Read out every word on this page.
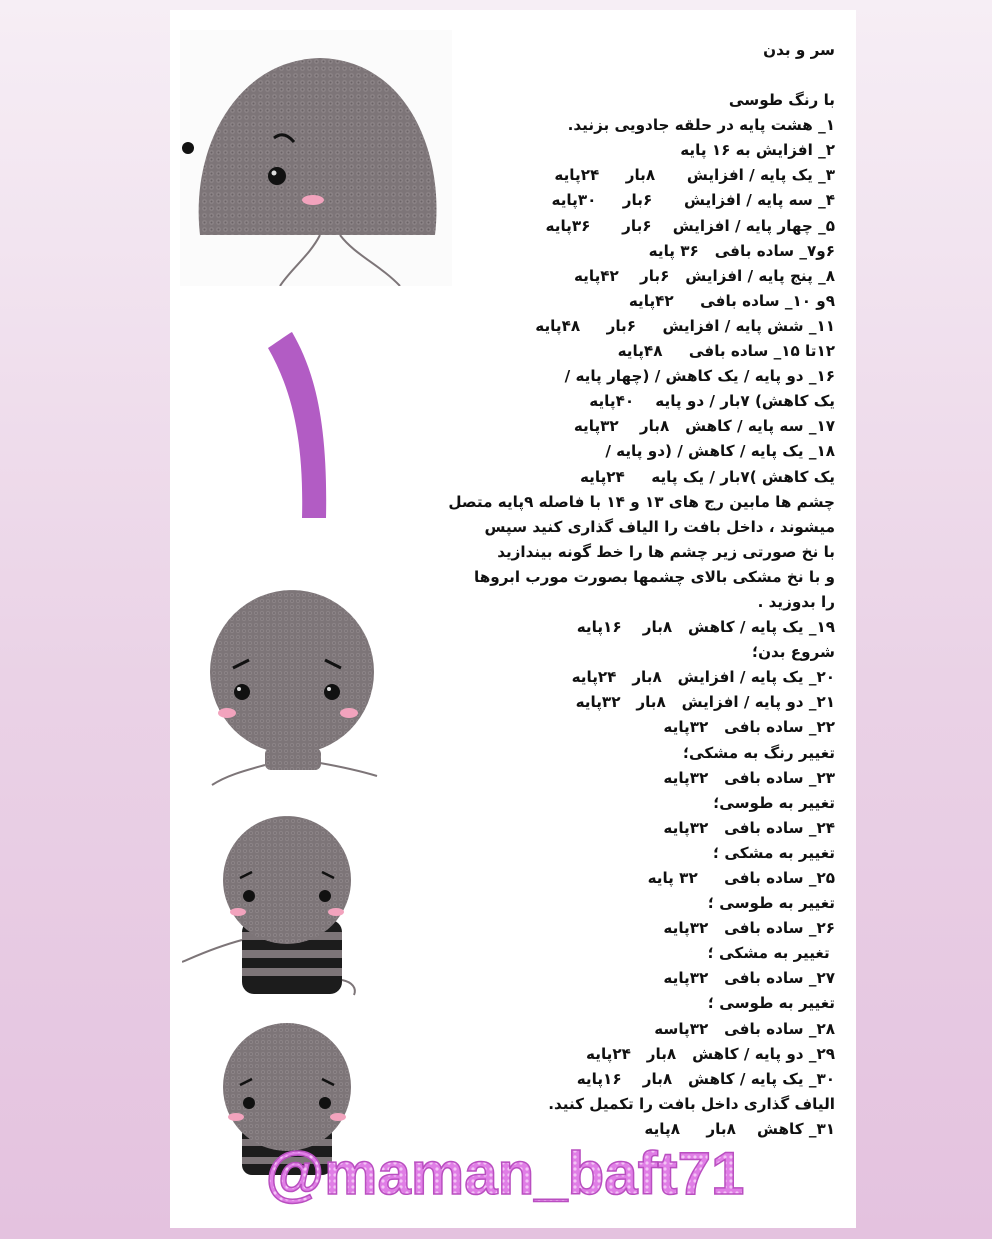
سر و بدن
با رنگ طوسی
۱_ هشت پایه در حلقه جادویی بزنید.
۲_ افزایش به ۱۶ پایه
۳_ یک پایه / افزایش      ۸بار     ۲۴پایه
۴_ سه پایه / افزایش      ۶بار     ۳۰پایه
۵_ چهار پایه / افزایش    ۶بار      ۳۶پایه
۶و۷_ ساده بافی   ۳۶ پایه
۸_ پنج پایه / افزایش   ۶بار    ۴۲پایه
۹و ۱۰_ ساده بافی     ۴۲پایه
۱۱_ شش پایه / افزایش     ۶بار     ۴۸پایه
۱۲تا ۱۵_ ساده بافی     ۴۸پایه
۱۶_ دو پایه / یک کاهش / (چهار پایه /
یک کاهش) ۷بار / دو پایه    ۴۰پایه
۱۷_ سه پایه / کاهش   ۸بار    ۳۲پایه
۱۸_ یک پایه / کاهش / (دو پایه /
یک کاهش )۷بار / یک پایه     ۲۴پایه
چشم ها مابین رج های ۱۳ و ۱۴ با فاصله ۹پایه متصل
میشوند ، داخل بافت را الیاف گذاری کنید سپس
با نخ صورتی زیر چشم ها را خط گونه بیندازید
و با نخ مشکی بالای چشمها بصورت مورب ابروها
را بدوزید .
۱۹_ یک پایه / کاهش   ۸بار    ۱۶پایه
شروع بدن؛
۲۰_ یک پایه / افزایش   ۸بار   ۲۴پایه
۲۱_ دو پایه / افزایش   ۸بار   ۳۲پایه
۲۲_ ساده بافی   ۳۲پایه
تغییر رنگ به مشکی؛
۲۳_ ساده بافی   ۳۲پایه
تغییر به طوسی؛
۲۴_ ساده بافی   ۳۲پایه
تغییر به مشکی ؛
۲۵_ ساده بافی     ۳۲ پایه
تغییر به طوسی ؛
۲۶_ ساده بافی   ۳۲پایه
تغییر به مشکی ؛
۲۷_ ساده بافی   ۳۲پایه
تغییر به طوسی ؛
۲۸_ ساده بافی   ۳۲پاسه
۲۹_ دو پایه / کاهش   ۸بار   ۲۴پایه
۳۰_ یک پایه / کاهش   ۸بار    ۱۶پایه
الیاف گذاری داخل بافت را تکمیل کنید.
۳۱_ کاهش    ۸بار     ۸پایه
@maman_baft71
